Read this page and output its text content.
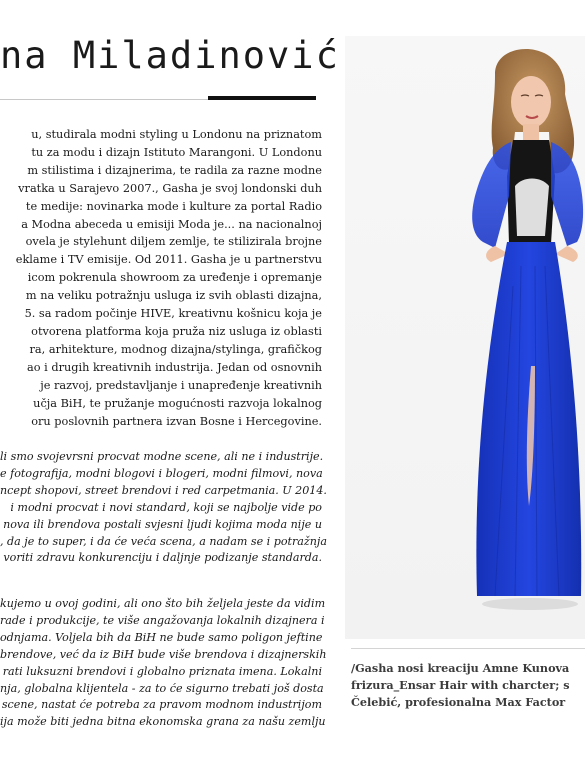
na Miladinović
u, studirala modni styling u Londonu na priznatom
tu za modu i dizajn Istituto Marangoni. U Londonu
m stilistima i dizajnerima, te radila za razne modne
vratka u Sarajevo 2007., Gasha je svoj londonski duh
te medije: novinarka mode i kulture za portal Radio
a Modna abeceda u emisiji Moda je... na nacionalnoj
ovela je stylehunt diljem zemlje, te stilizirala brojne
eklame i TV emisije. Od 2011. Gasha je u partnerstvu
icom pokrenula showroom za uređenje i opremanje
m na veliku potražnju usluga iz svih oblasti dizajna,
5. sa radom počinje HIVE, kreativnu košnicu koja je
otvorena platforma koja pruža niz usluga iz oblasti
ra, arhitekture, modnog dizajna/stylinga, grafičkog
ao i drugih kreativnih industrija. Jedan od osnovnih
je razvoj, predstavljanje i unapređenje kreativnih
učja BiH, te pružanje mogućnosti razvoja lokalnog
oru poslovnih partnera izvan Bosne i Hercegovine.
li smo svojevrsni procvat modne scene, ali ne i industrije.
e fotografija, modni blogovi i blogeri, modni filmovi, nova
ncept shopovi, street brendovi i red carpetmania. U 2014.
i modni procvat i novi standard, koji se najbolje vide po
nova ili brendova postali svjesni ljudi kojima moda nije u
, da je to super, i da će veća scena, a nadam se i potražnja
voriti zdravu konkurenciju i daljnje podizanje standarda.
kujemo u ovoj godini, ali ono što bih željela jeste da vidim
rade i produkcije, te više angažovanja lokalnih dizajnera i
odnjama. Voljela bih da BiH ne bude samo poligon jeftine
brendove, već da iz BiH bude više brendova i dizajnerskih
rati luksuzni brendovi i globalno priznata imena. Lokalni
nja, globalna klijentela - za to će sigurno trebati još dosta
scene, nastat će potreba za pravom modnom industrijom
ija može biti jedna bitna ekonomska grana za našu zemlju
/Gasha nosi kreaciju Amne Kunova
frizura_Ensar Hair with charcter; s
Čelebić, profesionalna Max Factor
